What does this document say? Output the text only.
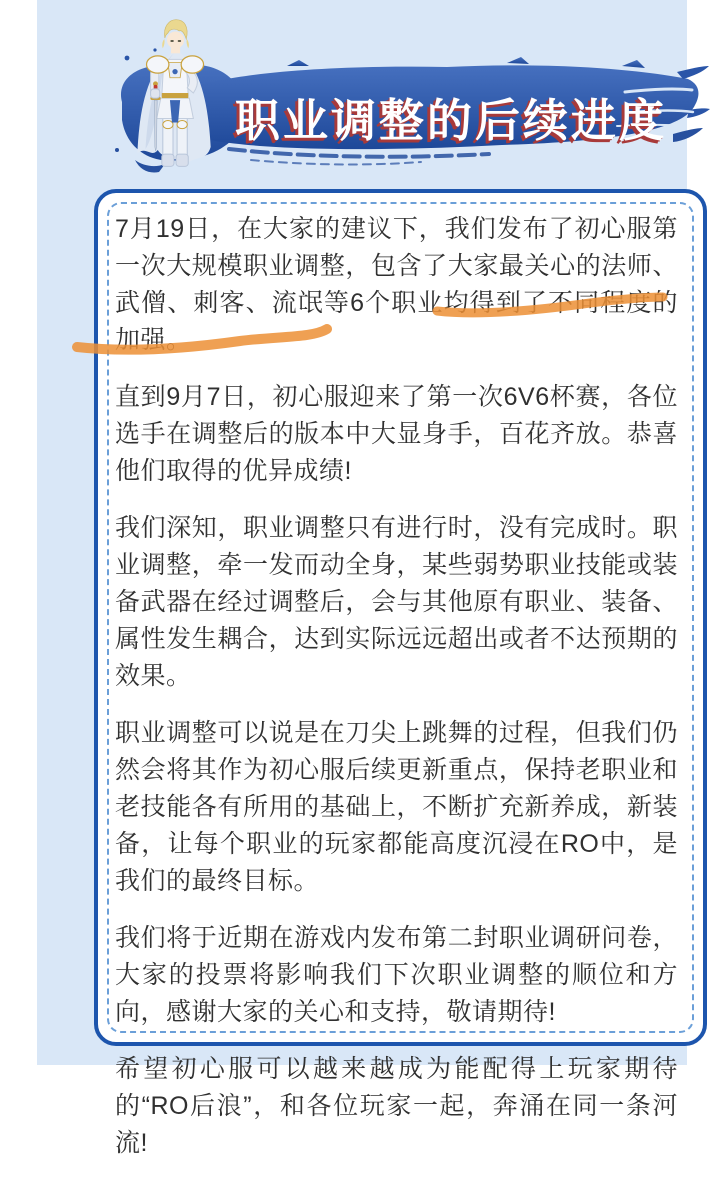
职业调整的后续进度

7月19日，在大家的建议下，我们发布了初心服第一次大规模职业调整，包含了大家最关心的法师、武僧、刺客、流氓等6个职业均得到了不同程度的加强。

直到9月7日，初心服迎来了第一次6V6杯赛，各位选手在调整后的版本中大显身手，百花齐放。恭喜他们取得的优异成绩!

我们深知，职业调整只有进行时，没有完成时。职业调整，牵一发而动全身，某些弱势职业技能或装备武器在经过调整后，会与其他原有职业、装备、属性发生耦合，达到实际远远超出或者不达预期的效果。

职业调整可以说是在刀尖上跳舞的过程，但我们仍然会将其作为初心服后续更新重点，保持老职业和老技能各有所用的基础上，不断扩充新养成，新装备，让每个职业的玩家都能高度沉浸在RO中，是我们的最终目标。

我们将于近期在游戏内发布第二封职业调研问卷，大家的投票将影响我们下次职业调整的顺位和方向，感谢大家的关心和支持，敬请期待!

希望初心服可以越来越成为能配得上玩家期待的“RO后浪”，和各位玩家一起，奔涌在同一条河流!
